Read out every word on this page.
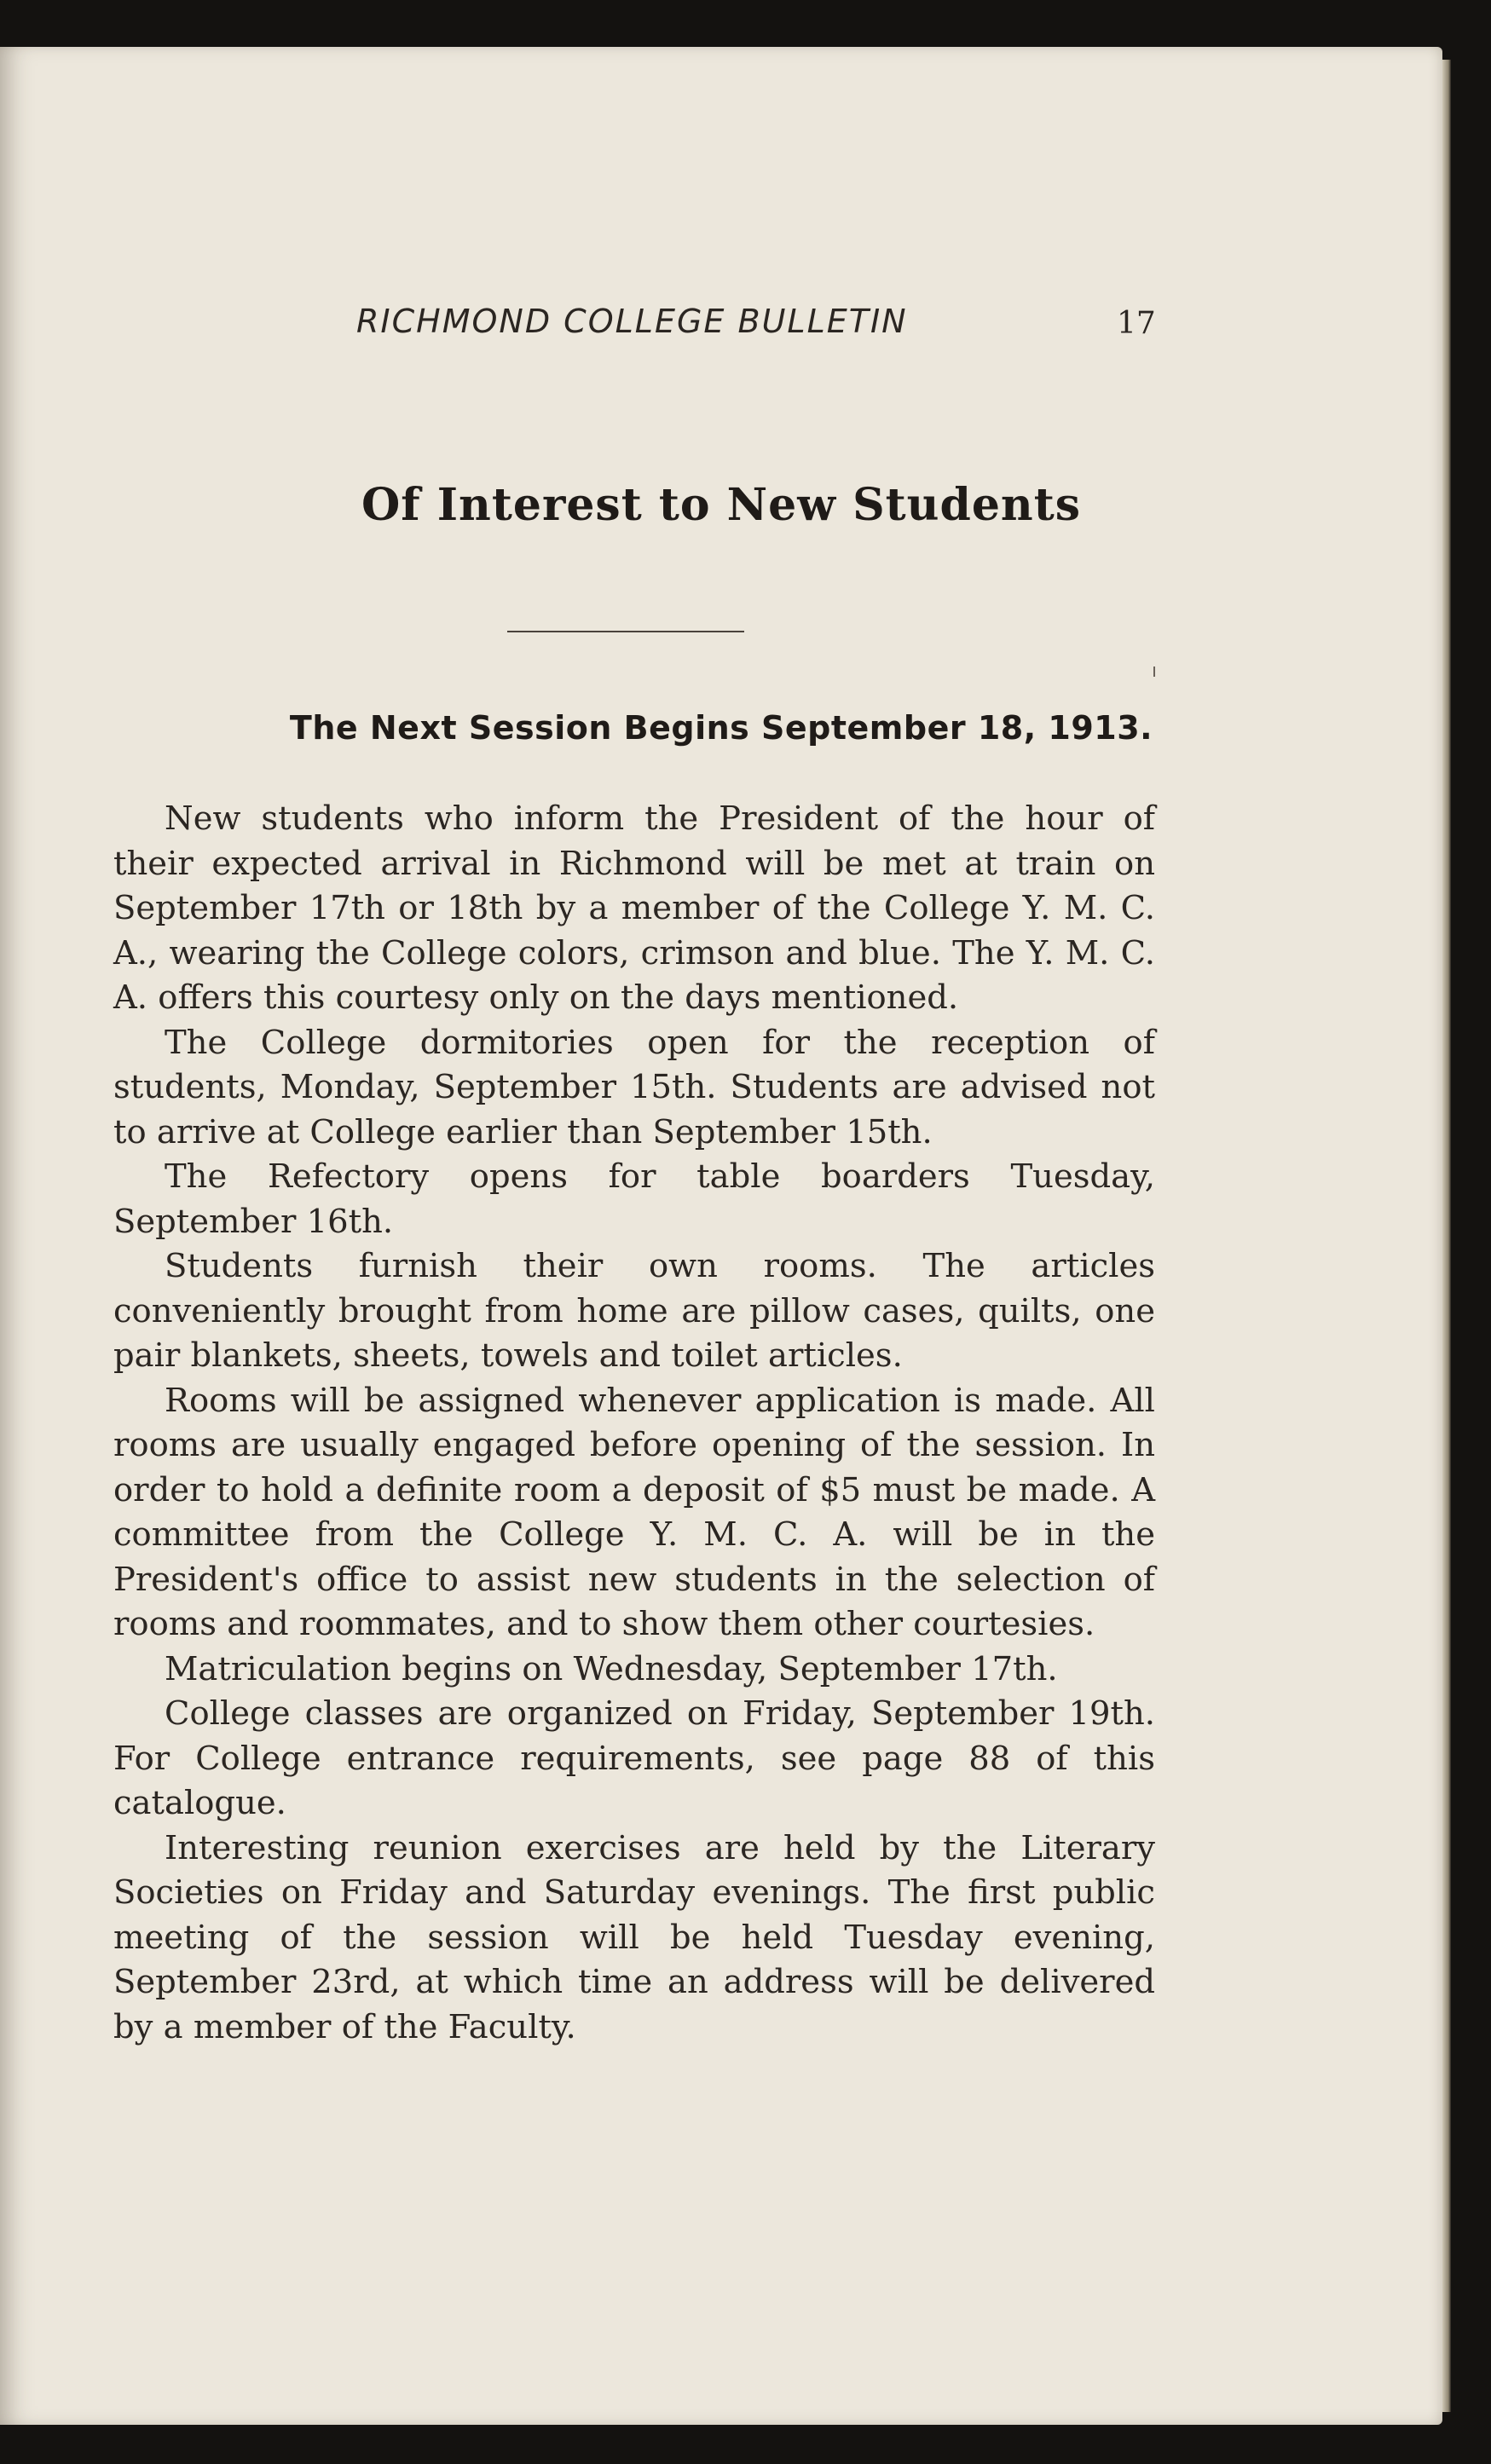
RICHMOND COLLEGE BULLETIN	17
Of Interest to New Students
The Next Session Begins September 18, 1913.

New students who inform the President of the hour of their expected arrival in Richmond will be met at train on September 17th or 18th by a member of the College Y. M. C. A., wearing the College colors, crimson and blue. The Y. M. C. A. offers this courtesy only on the days mentioned.

The College dormitories open for the reception of students, Monday, September 15th. Students are advised not to arrive at College earlier than September 15th.

The Refectory opens for table boarders Tuesday, September 16th.

Students furnish their own rooms. The articles conveniently brought from home are pillow cases, quilts, one pair blankets, sheets, towels and toilet articles.

Rooms will be assigned whenever application is made. All rooms are usually engaged before opening of the session. In order to hold a definite room a deposit of $5 must be made. A committee from the College Y. M. C. A. will be in the President's office to assist new students in the selection of rooms and roommates, and to show them other courtesies.

Matriculation begins on Wednesday, September 17th.

College classes are organized on Friday, September 19th. For College entrance requirements, see page 88 of this catalogue.

Interesting reunion exercises are held by the Literary Societies on Friday and Saturday evenings. The first public meeting of the session will be held Tuesday evening, September 23rd, at which time an address will be delivered by a member of the Faculty.
